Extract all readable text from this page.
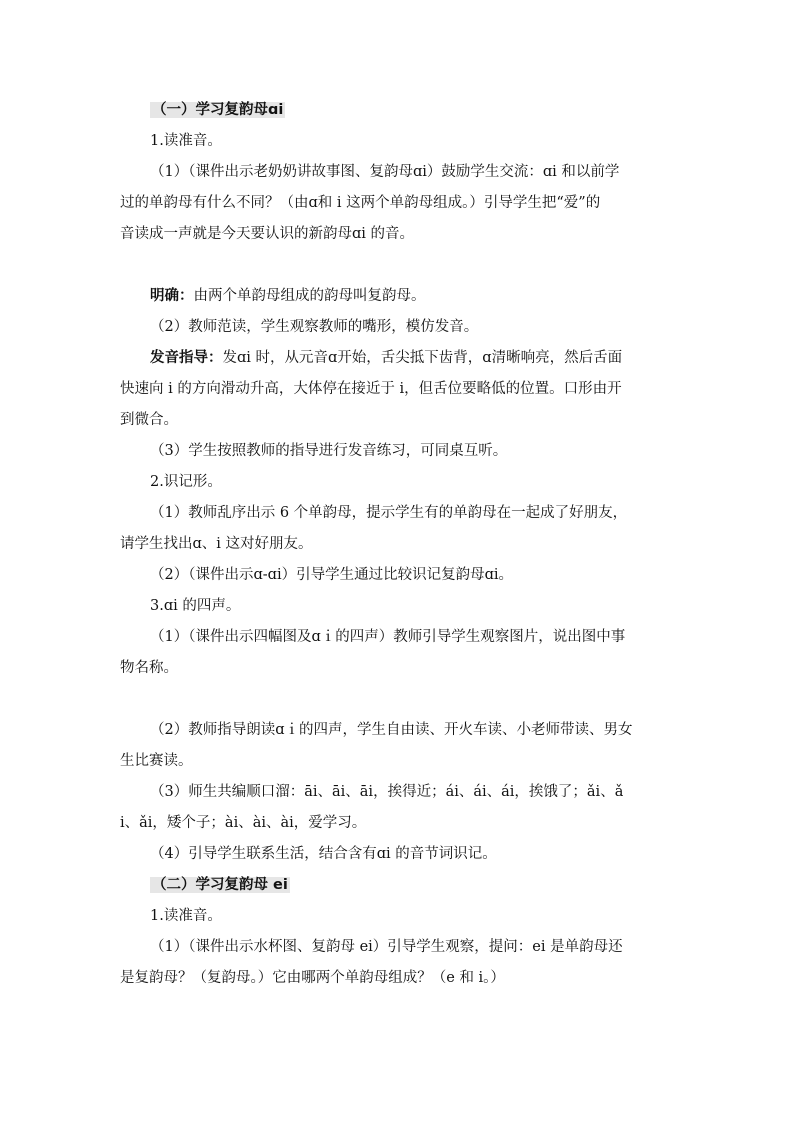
（一）学习复韵母ɑi
1.读准音。
（1）（课件出示老奶奶讲故事图、复韵母ɑi）鼓励学生交流：ɑi 和以前学
过的单韵母有什么不同？（由ɑ和 i 这两个单韵母组成。）引导学生把“爱”的
音读成一声就是今天要认识的新韵母ɑi 的音。
明确：由两个单韵母组成的韵母叫复韵母。
（2）教师范读，学生观察教师的嘴形，模仿发音。
发音指导：发ɑi 时，从元音ɑ开始，舌尖抵下齿背，ɑ清晰响亮，然后舌面
快速向 i 的方向滑动升高，大体停在接近于 i，但舌位要略低的位置。口形由开
到微合。
（3）学生按照教师的指导进行发音练习，可同桌互听。
2.识记形。
（1）教师乱序出示 6 个单韵母，提示学生有的单韵母在一起成了好朋友，
请学生找出ɑ、i 这对好朋友。
（2）（课件出示ɑ-ɑi）引导学生通过比较识记复韵母ɑi。
3.ɑi 的四声。
（1）（课件出示四幅图及ɑｉ的四声）教师引导学生观察图片，说出图中事
物名称。
（2）教师指导朗读ɑｉ的四声，学生自由读、开火车读、小老师带读、男女
生比赛读。
（3）师生共编顺口溜：āi、āi、āi，挨得近；ái、ái、ái，挨饿了；ǎi、ǎ
i、ǎi，矮个子；ài、ài、ài，爱学习。
（4）引导学生联系生活，结合含有ɑi 的音节词识记。
（二）学习复韵母 ei
1.读准音。
（1）（课件出示水杯图、复韵母 ei）引导学生观察，提问：ei 是单韵母还
是复韵母？（复韵母。）它由哪两个单韵母组成？（e 和 i。）
